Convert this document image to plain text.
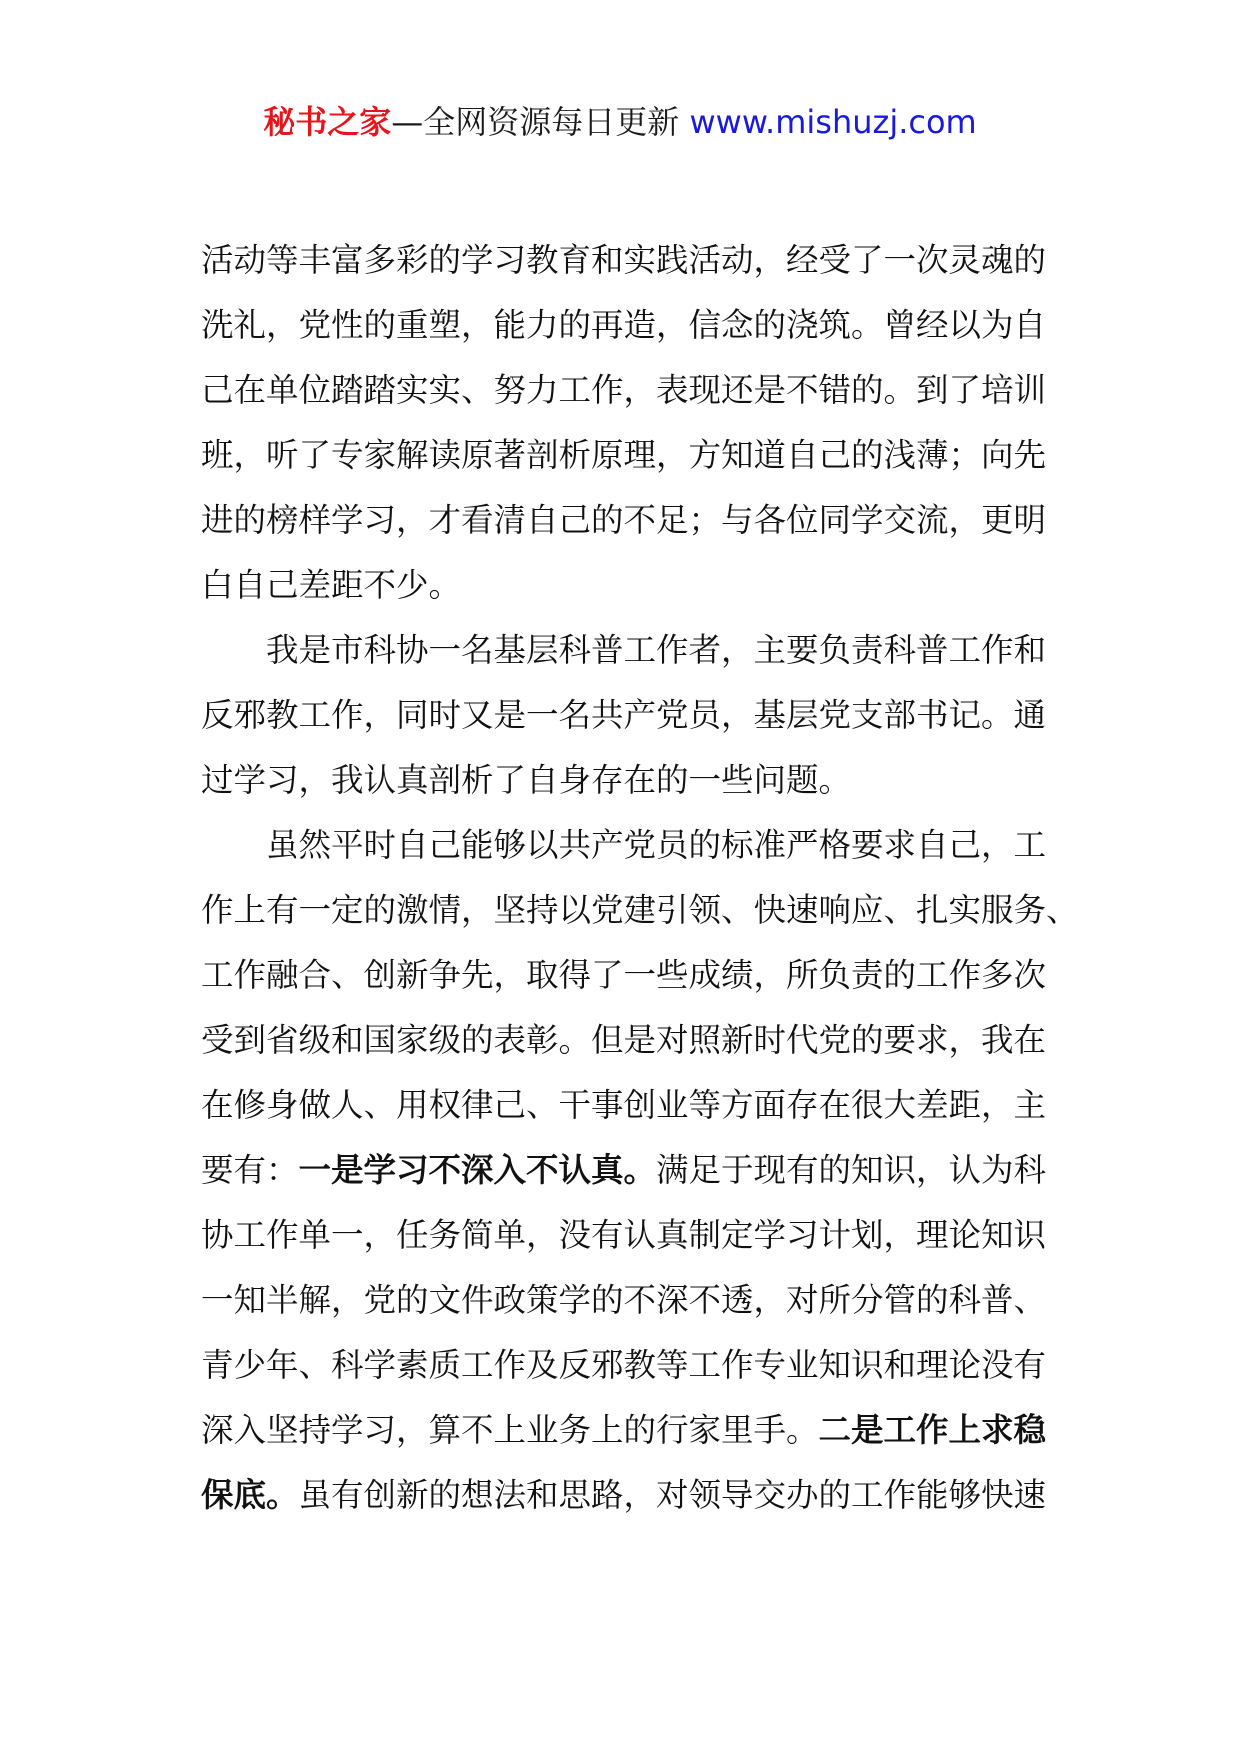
秘书之家—全网资源每日更新 www.mishuzj.com

活动等丰富多彩的学习教育和实践活动，经受了一次灵魂的
洗礼，党性的重塑，能力的再造，信念的浇筑。曾经以为自
己在单位踏踏实实、努力工作，表现还是不错的。到了培训
班，听了专家解读原著剖析原理，方知道自己的浅薄；向先
进的榜样学习，才看清自己的不足；与各位同学交流，更明
白自己差距不少。

我是市科协一名基层科普工作者，主要负责科普工作和
反邪教工作，同时又是一名共产党员，基层党支部书记。通
过学习，我认真剖析了自身存在的一些问题。

虽然平时自己能够以共产党员的标准严格要求自己，工
作上有一定的激情，坚持以党建引领、快速响应、扎实服务、
工作融合、创新争先，取得了一些成绩，所负责的工作多次
受到省级和国家级的表彰。但是对照新时代党的要求，我在
在修身做人、用权律己、干事创业等方面存在很大差距，主
要有：一是学习不深入不认真。满足于现有的知识，认为科
协工作单一，任务简单，没有认真制定学习计划，理论知识
一知半解，党的文件政策学的不深不透，对所分管的科普、
青少年、科学素质工作及反邪教等工作专业知识和理论没有
深入坚持学习，算不上业务上的行家里手。二是工作上求稳
保底。虽有创新的想法和思路，对领导交办的工作能够快速
